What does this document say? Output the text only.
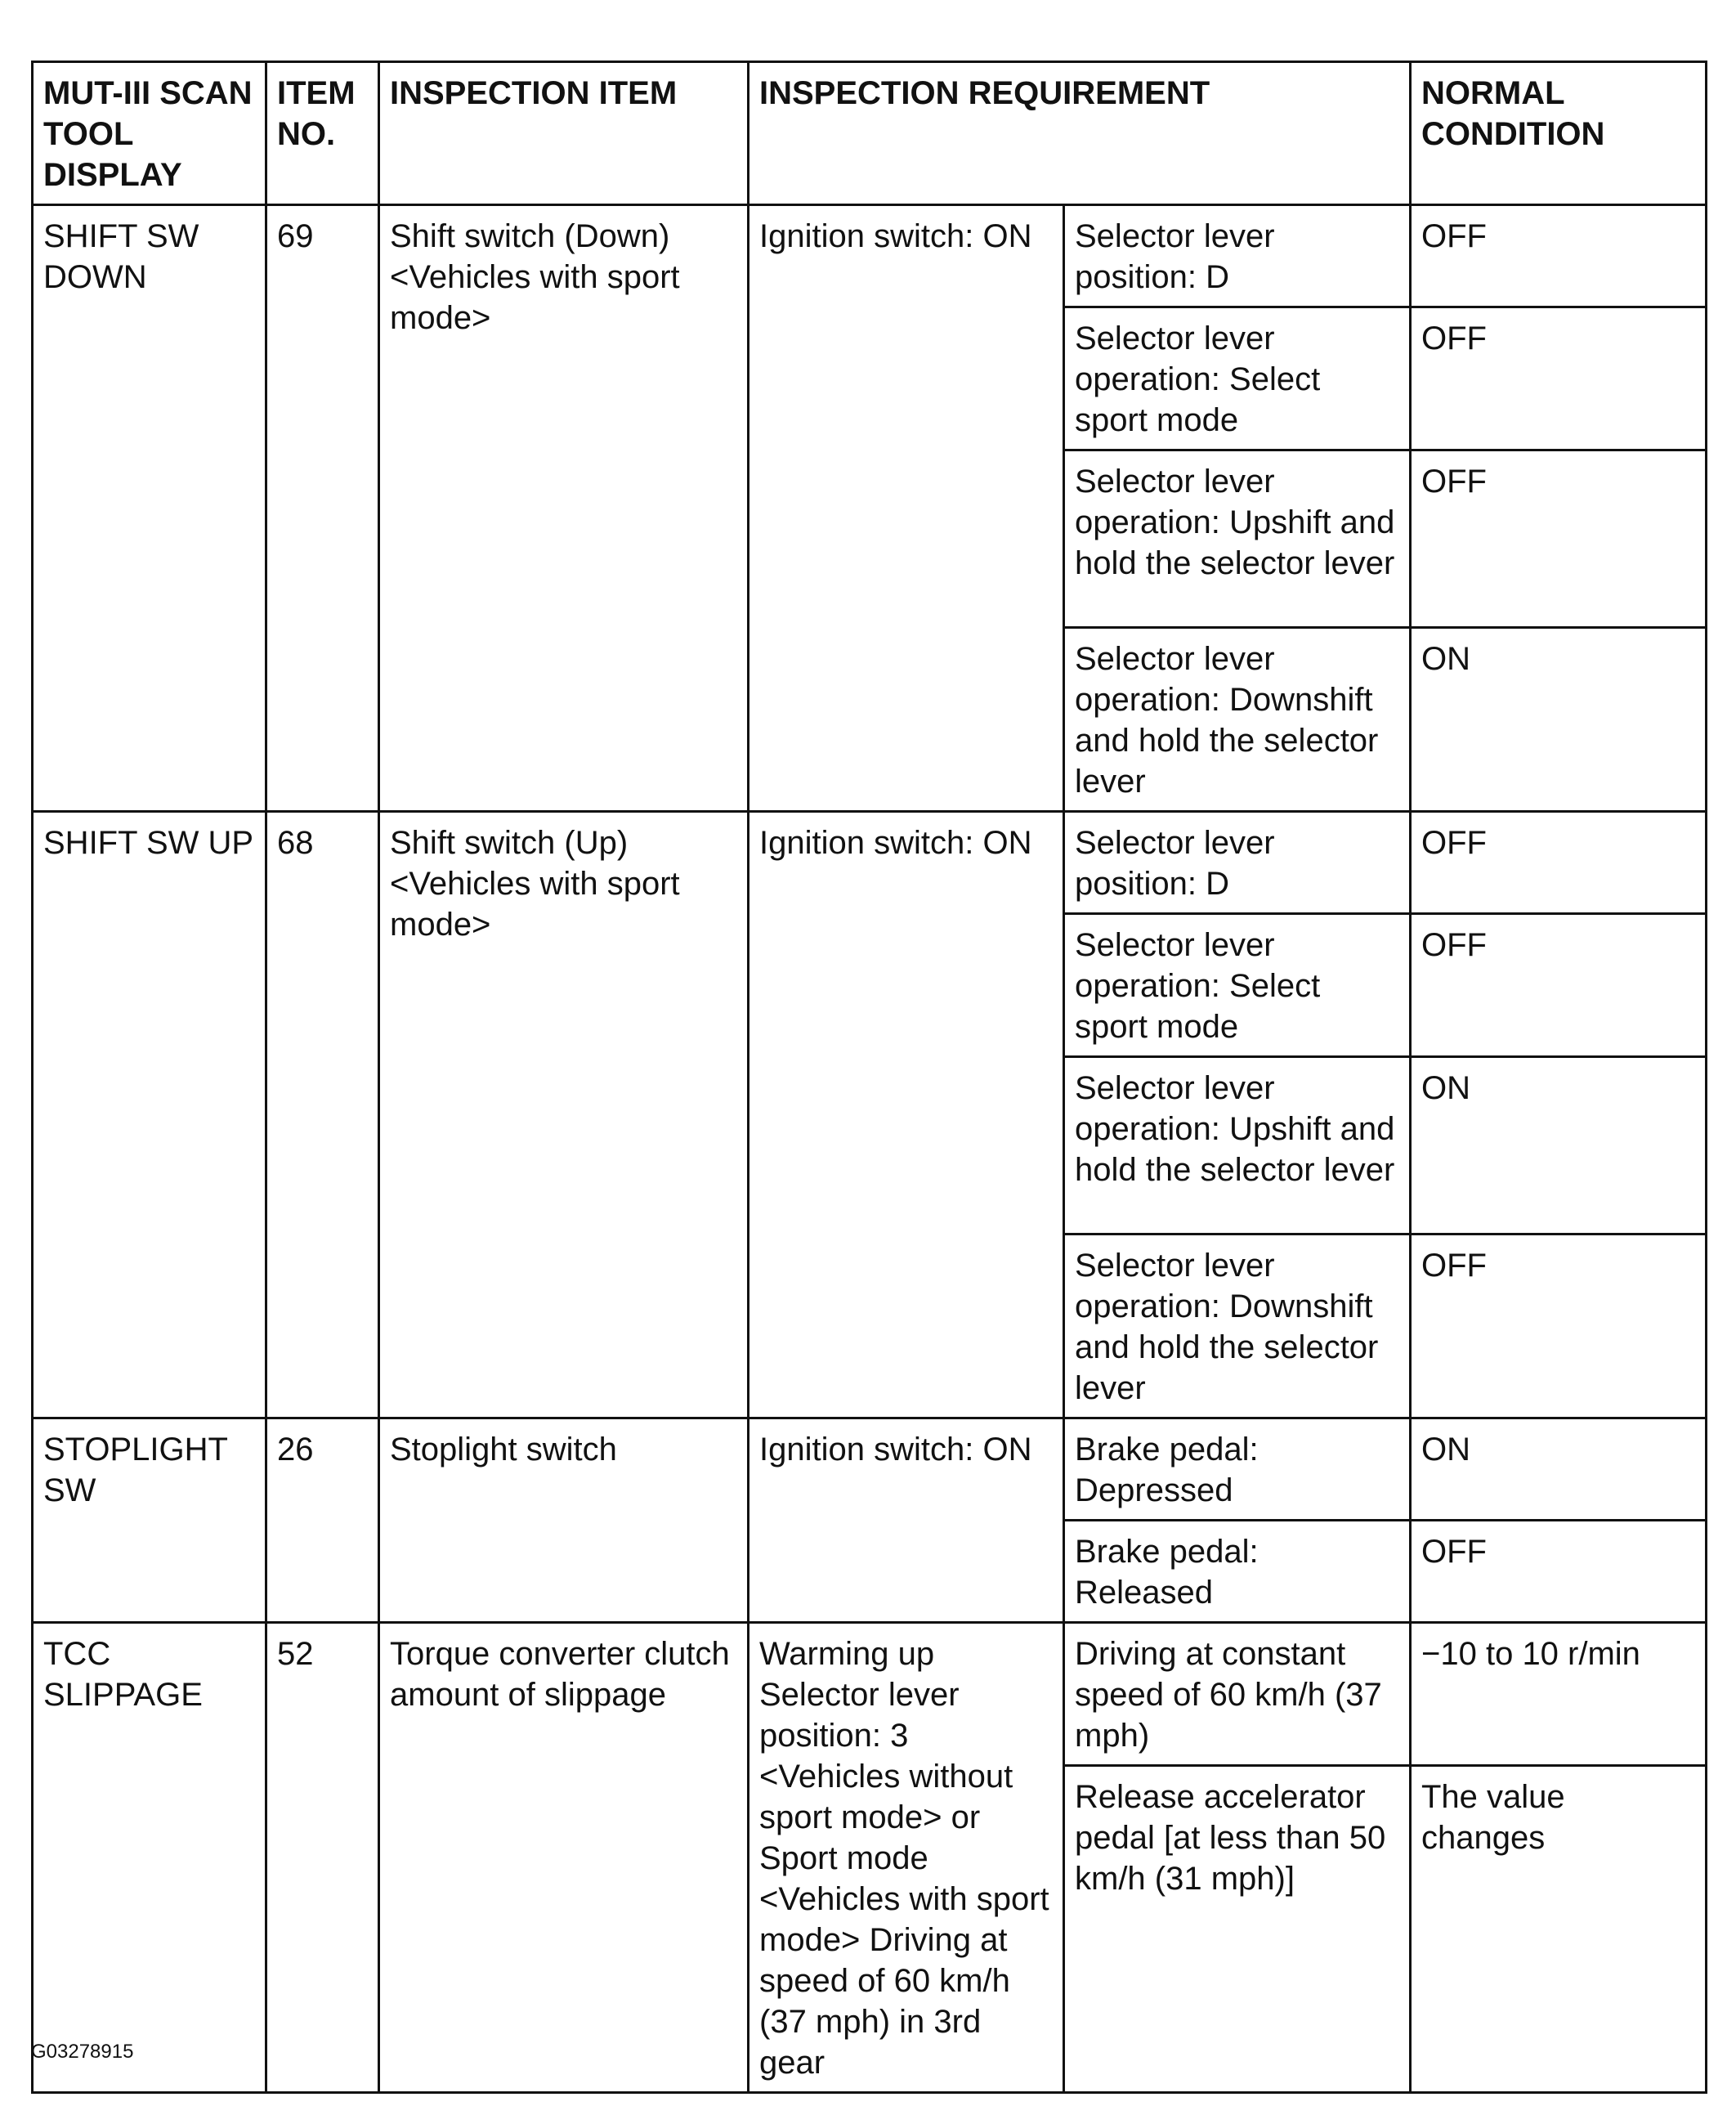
MUT-III SCAN TOOL DISPLAY	ITEM NO.	INSPECTION ITEM	INSPECTION REQUIREMENT		NORMAL CONDITION
SHIFT SW DOWN	69	Shift switch (Down) <Vehicles with sport mode>	Ignition switch: ON	Selector lever position: D	OFF
				Selector lever operation: Select sport mode	OFF
				Selector lever operation: Upshift and hold the selector lever	OFF
				Selector lever operation: Downshift and hold the selector lever	ON
SHIFT SW UP	68	Shift switch (Up) <Vehicles with sport mode>	Ignition switch: ON	Selector lever position: D	OFF
				Selector lever operation: Select sport mode	OFF
				Selector lever operation: Upshift and hold the selector lever	ON
				Selector lever operation: Downshift and hold the selector lever	OFF
STOPLIGHT SW	26	Stoplight switch	Ignition switch: ON	Brake pedal: Depressed	ON
				Brake pedal: Released	OFF
TCC SLIPPAGE	52	Torque converter clutch amount of slippage	Warming up Selector lever position: 3 <Vehicles without sport mode> or Sport mode <Vehicles with sport mode> Driving at speed of 60 km/h (37 mph) in 3rd gear	Driving at constant speed of 60 km/h (37 mph)	−10 to 10 r/min
				Release accelerator pedal [at less than 50 km/h (31 mph)]	The value changes
G03278915
